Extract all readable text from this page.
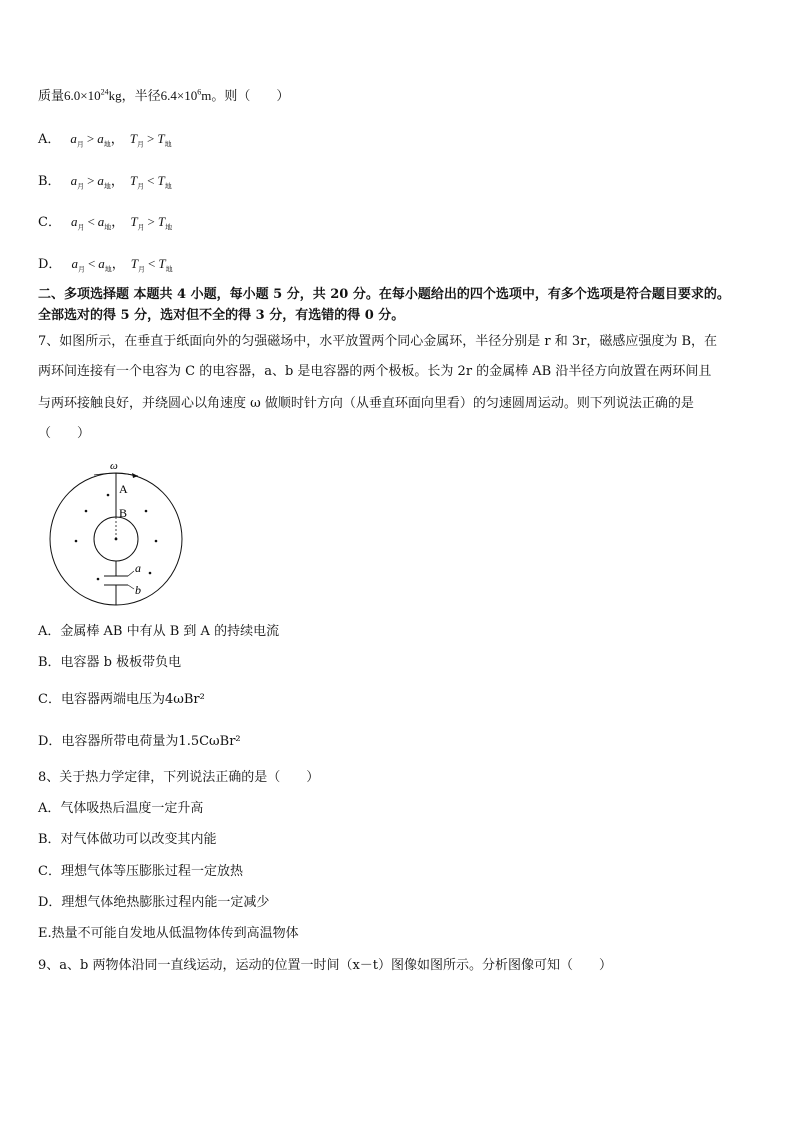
质量$6.0\times 10^{24}kg$，半径$6.4\times 10^6m$。则（　　）
A． $a_月 > a_地$， $T_月 > T_地$
B． $a_月 > a_地$， $T_月 < T_地$
C． $a_月 < a_地$， $T_月 > T_地$
D． $a_月 < a_地$， $T_月 < T_地$
二、多项选择题 本题共 4 小题，每小题 5 分，共 20 分。在每小题给出的四个选项中，有多个选项是符合题目要求的。
全部选对的得 5 分，选对但不全的得 3 分，有选错的得 0 分。
7、如图所示，在垂直于纸面向外的匀强磁场中，水平放置两个同心金属环，半径分别是 r 和 3r，磁感应强度为 B，在
两环间连接有一个电容为 C 的电容器，a、b 是电容器的两个极板。长为 2r 的金属棒 AB 沿半径方向放置在两环间且
与两环接触良好，并绕圆心以角速度 ω 做顺时针方向（从垂直环面向里看）的匀速圆周运动。则下列说法正确的是
（　　）
ω
A
B
a
b
A．金属棒 AB 中有从 B 到 A 的持续电流
B．电容器 b 极板带负电
C．电容器两端电压为4ωBr²
D．电容器所带电荷量为1.5CωBr²
8、关于热力学定律，下列说法正确的是（　　）
A．气体吸热后温度一定升高
B．对气体做功可以改变其内能
C．理想气体等压膨胀过程一定放热
D．理想气体绝热膨胀过程内能一定减少
E.热量不可能自发地从低温物体传到高温物体
9、a、b 两物体沿同一直线运动，运动的位置一时间（x－t）图像如图所示。分析图像可知（　　）
